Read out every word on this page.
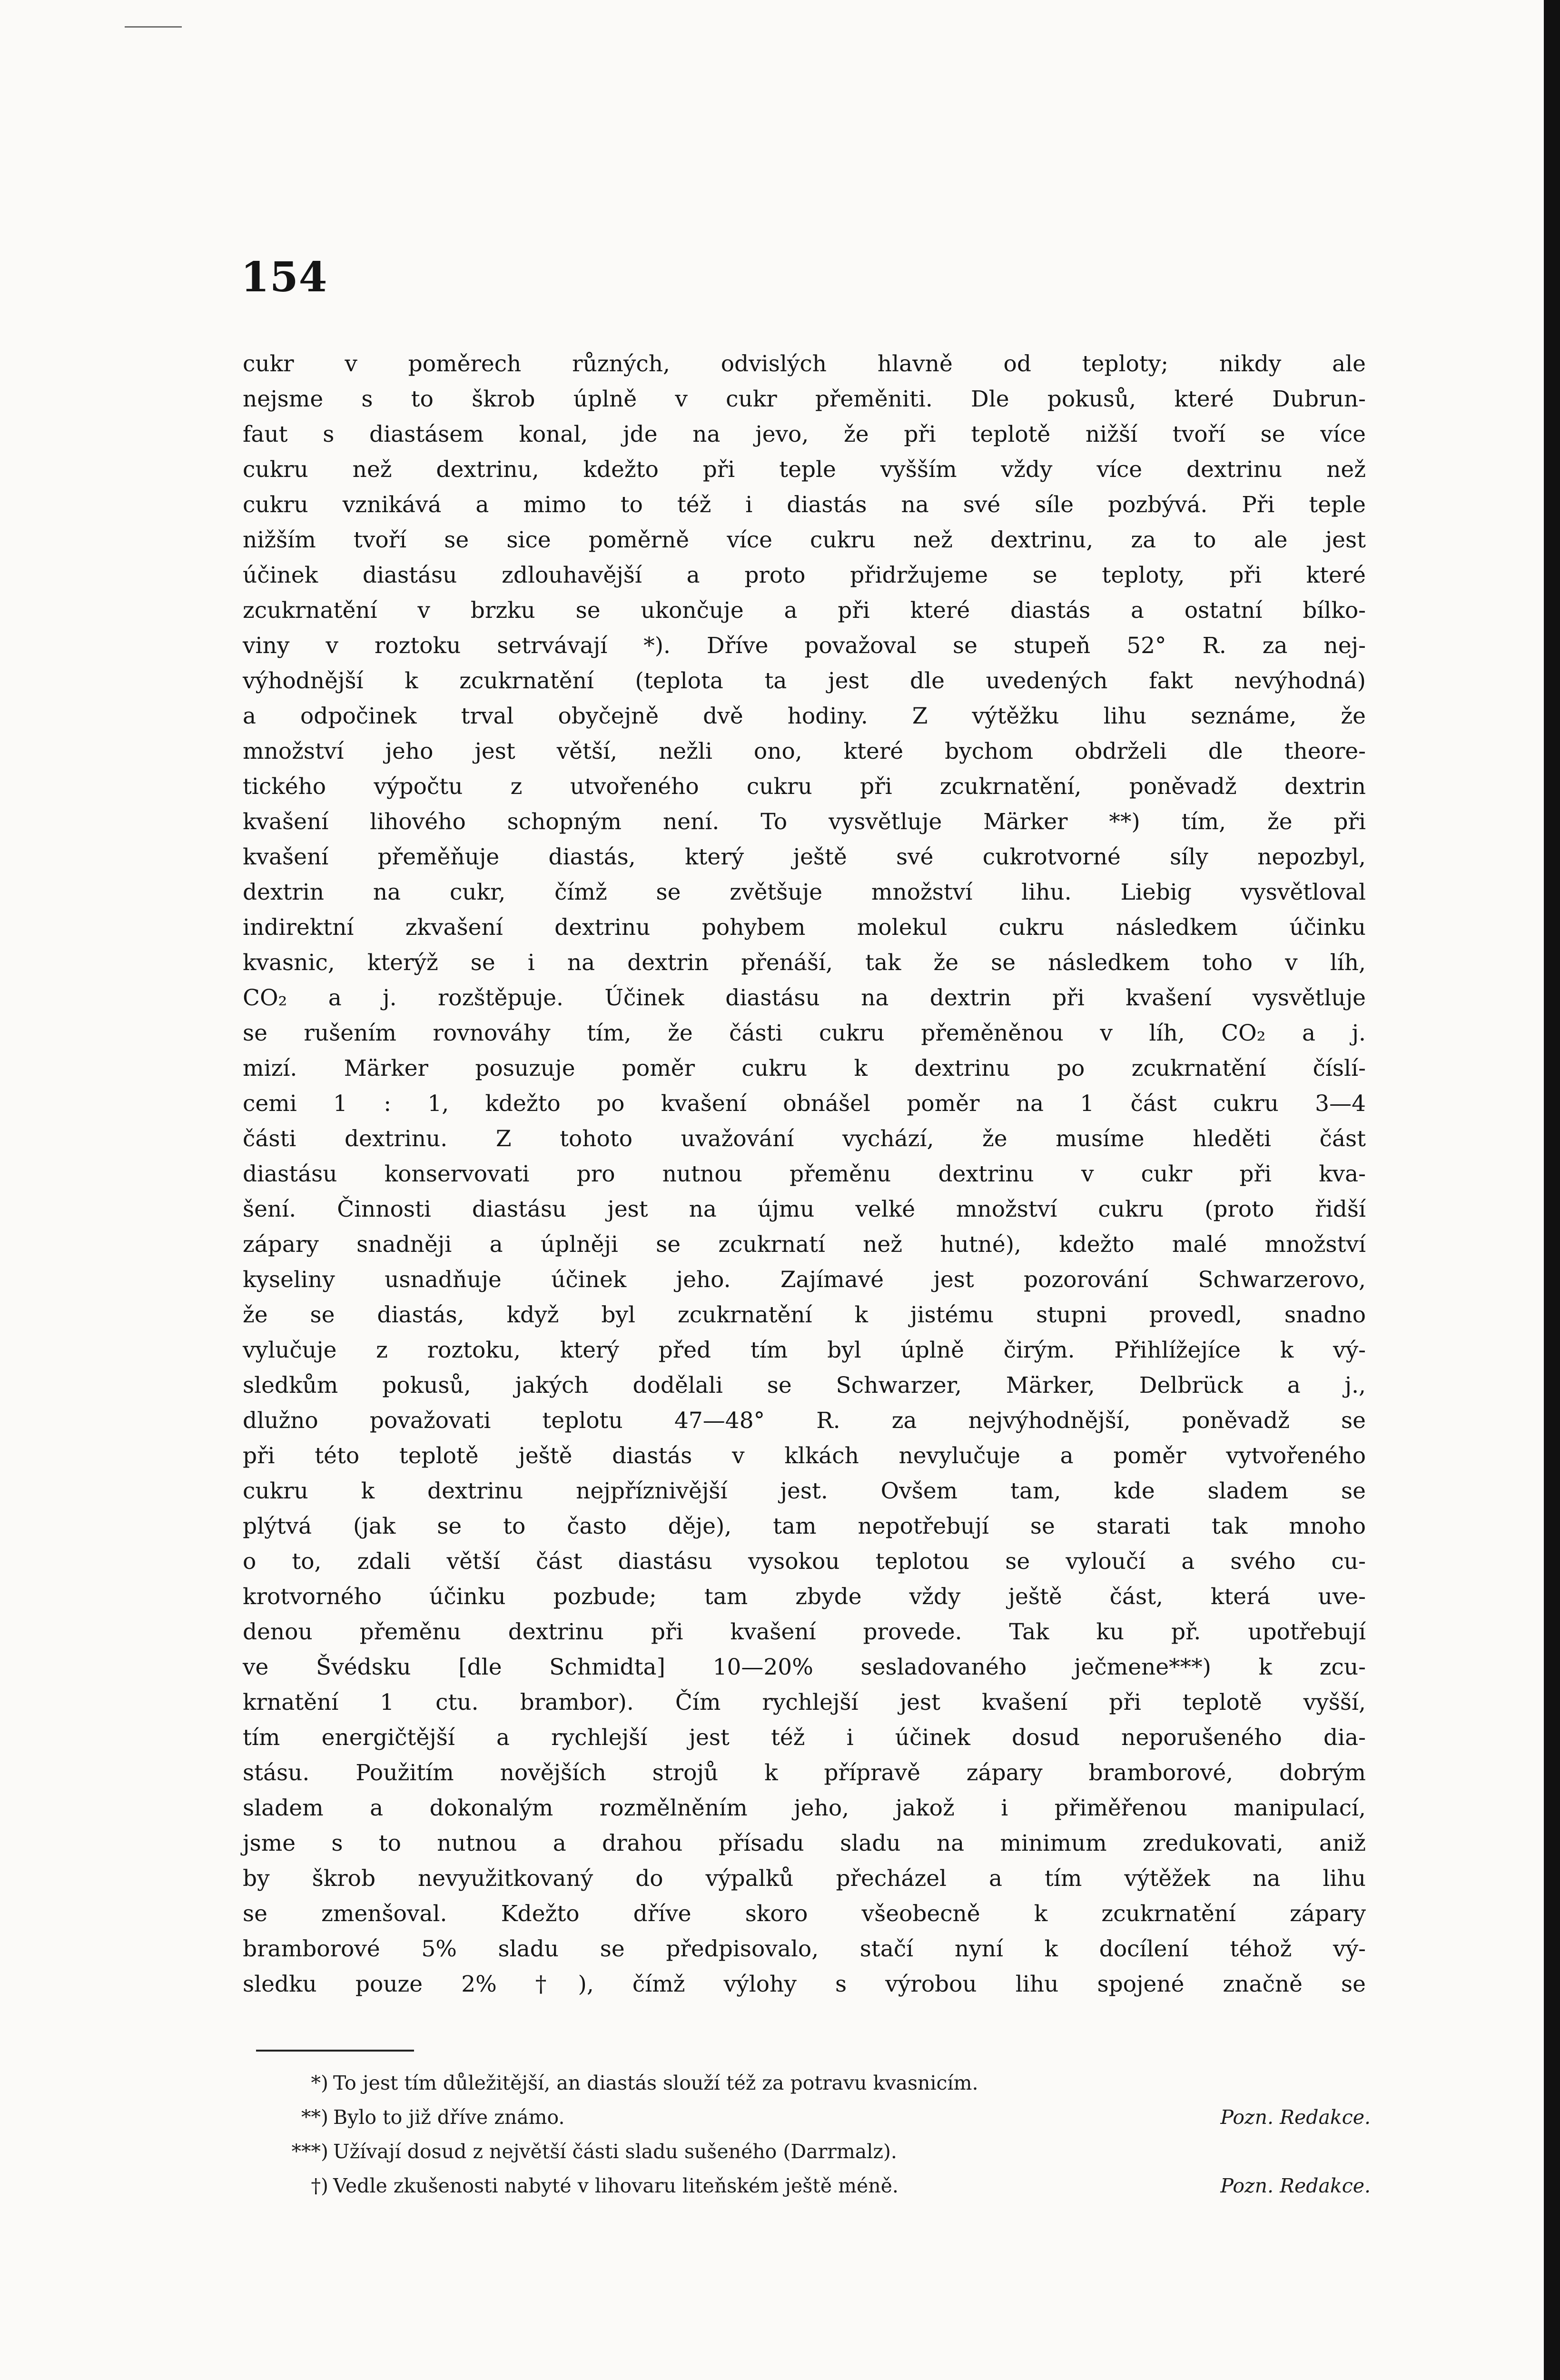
154
cukr v poměrech různých, odvislých hlavně od teploty; nikdy ale
nejsme s to škrob úplně v cukr přeměniti. Dle pokusů, které Dubrun-
faut s diastásem konal, jde na jevo, že při teplotě nižší tvoří se více
cukru než dextrinu, kdežto při teple vyšším vždy více dextrinu než
cukru vznikává a mimo to též i diastás na své síle pozbývá. Při teple
nižším tvoří se sice poměrně více cukru než dextrinu, za to ale jest
účinek diastásu zdlouhavější a proto přidržujeme se teploty, při které
zcukrnatění v brzku se ukončuje a při které diastás a ostatní bílko-
viny v roztoku setrvávají *). Dříve považoval se stupeň 52° R. za nej-
výhodnější k zcukrnatění (teplota ta jest dle uvedených fakt nevýhodná)
a odpočinek trval obyčejně dvě hodiny. Z výtěžku lihu seznáme, že
množství jeho jest větší, nežli ono, které bychom obdrželi dle theore-
tického výpočtu z utvořeného cukru při zcukrnatění, poněvadž dextrin
kvašení lihového schopným není. To vysvětluje Märker **) tím, že při
kvašení přeměňuje diastás, který ještě své cukrotvorné síly nepozbyl,
dextrin na cukr, čímž se zvětšuje množství lihu. Liebig vysvětloval
indirektní zkvašení dextrinu pohybem molekul cukru následkem účinku
kvasnic, kterýž se i na dextrin přenáší, tak že se následkem toho v líh,
CO₂ a j. rozštěpuje. Účinek diastásu na dextrin při kvašení vysvětluje
se rušením rovnováhy tím, že části cukru přeměněnou v líh, CO₂ a j.
mizí. Märker posuzuje poměr cukru k dextrinu po zcukrnatění číslí-
cemi 1 : 1, kdežto po kvašení obnášel poměr na 1 část cukru 3—4
části dextrinu. Z tohoto uvažování vychází, že musíme hleděti část
diastásu konservovati pro nutnou přeměnu dextrinu v cukr při kva-
šení. Činnosti diastásu jest na újmu velké množství cukru (proto řidší
zápary snadněji a úplněji se zcukrnatí než hutné), kdežto malé množství
kyseliny usnadňuje účinek jeho. Zajímavé jest pozorování Schwarzerovo,
že se diastás, když byl zcukrnatění k jistému stupni provedl, snadno
vylučuje z roztoku, který před tím byl úplně čirým. Přihlížejíce k vý-
sledkům pokusů, jakých dodělali se Schwarzer, Märker, Delbrück a j.,
dlužno považovati teplotu 47—48° R. za nejvýhodnější, poněvadž se
při této teplotě ještě diastás v klkách nevylučuje a poměr vytvořeného
cukru k dextrinu nejpříznivější jest. Ovšem tam, kde sladem se
plýtvá (jak se to často děje), tam nepotřebují se starati tak mnoho
o to, zdali větší část diastásu vysokou teplotou se vyloučí a svého cu-
krotvorného účinku pozbude; tam zbyde vždy ještě část, která uve-
denou přeměnu dextrinu při kvašení provede. Tak ku př. upotřebují
ve Švédsku [dle Schmidta] 10—20% sesladovaného ječmene***) k zcu-
krnatění 1 ctu. brambor). Čím rychlejší jest kvašení při teplotě vyšší,
tím energičtější a rychlejší jest též i účinek dosud neporušeného dia-
stásu. Použitím novějších strojů k přípravě zápary bramborové, dobrým
sladem a dokonalým rozmělněním jeho, jakož i přiměřenou manipulací,
jsme s to nutnou a drahou přísadu sladu na minimum zredukovati, aniž
by škrob nevyužitkovaný do výpalků přecházel a tím výtěžek na lihu
se zmenšoval. Kdežto dříve skoro všeobecně k zcukrnatění zápary
bramborové 5% sladu se předpisovalo, stačí nyní k docílení téhož vý-
sledku pouze 2% †), čímž výlohy s výrobou lihu spojené značně se
*) To jest tím důležitější, an diastás slouží též za potravu kvasnicím.
**) Bylo to již dříve známo.	Pozn. Redakce.
***) Užívají dosud z největší části sladu sušeného (Darrmalz).
†) Vedle zkušenosti nabyté v lihovaru liteňském ještě méně.	Pozn. Redakce.
